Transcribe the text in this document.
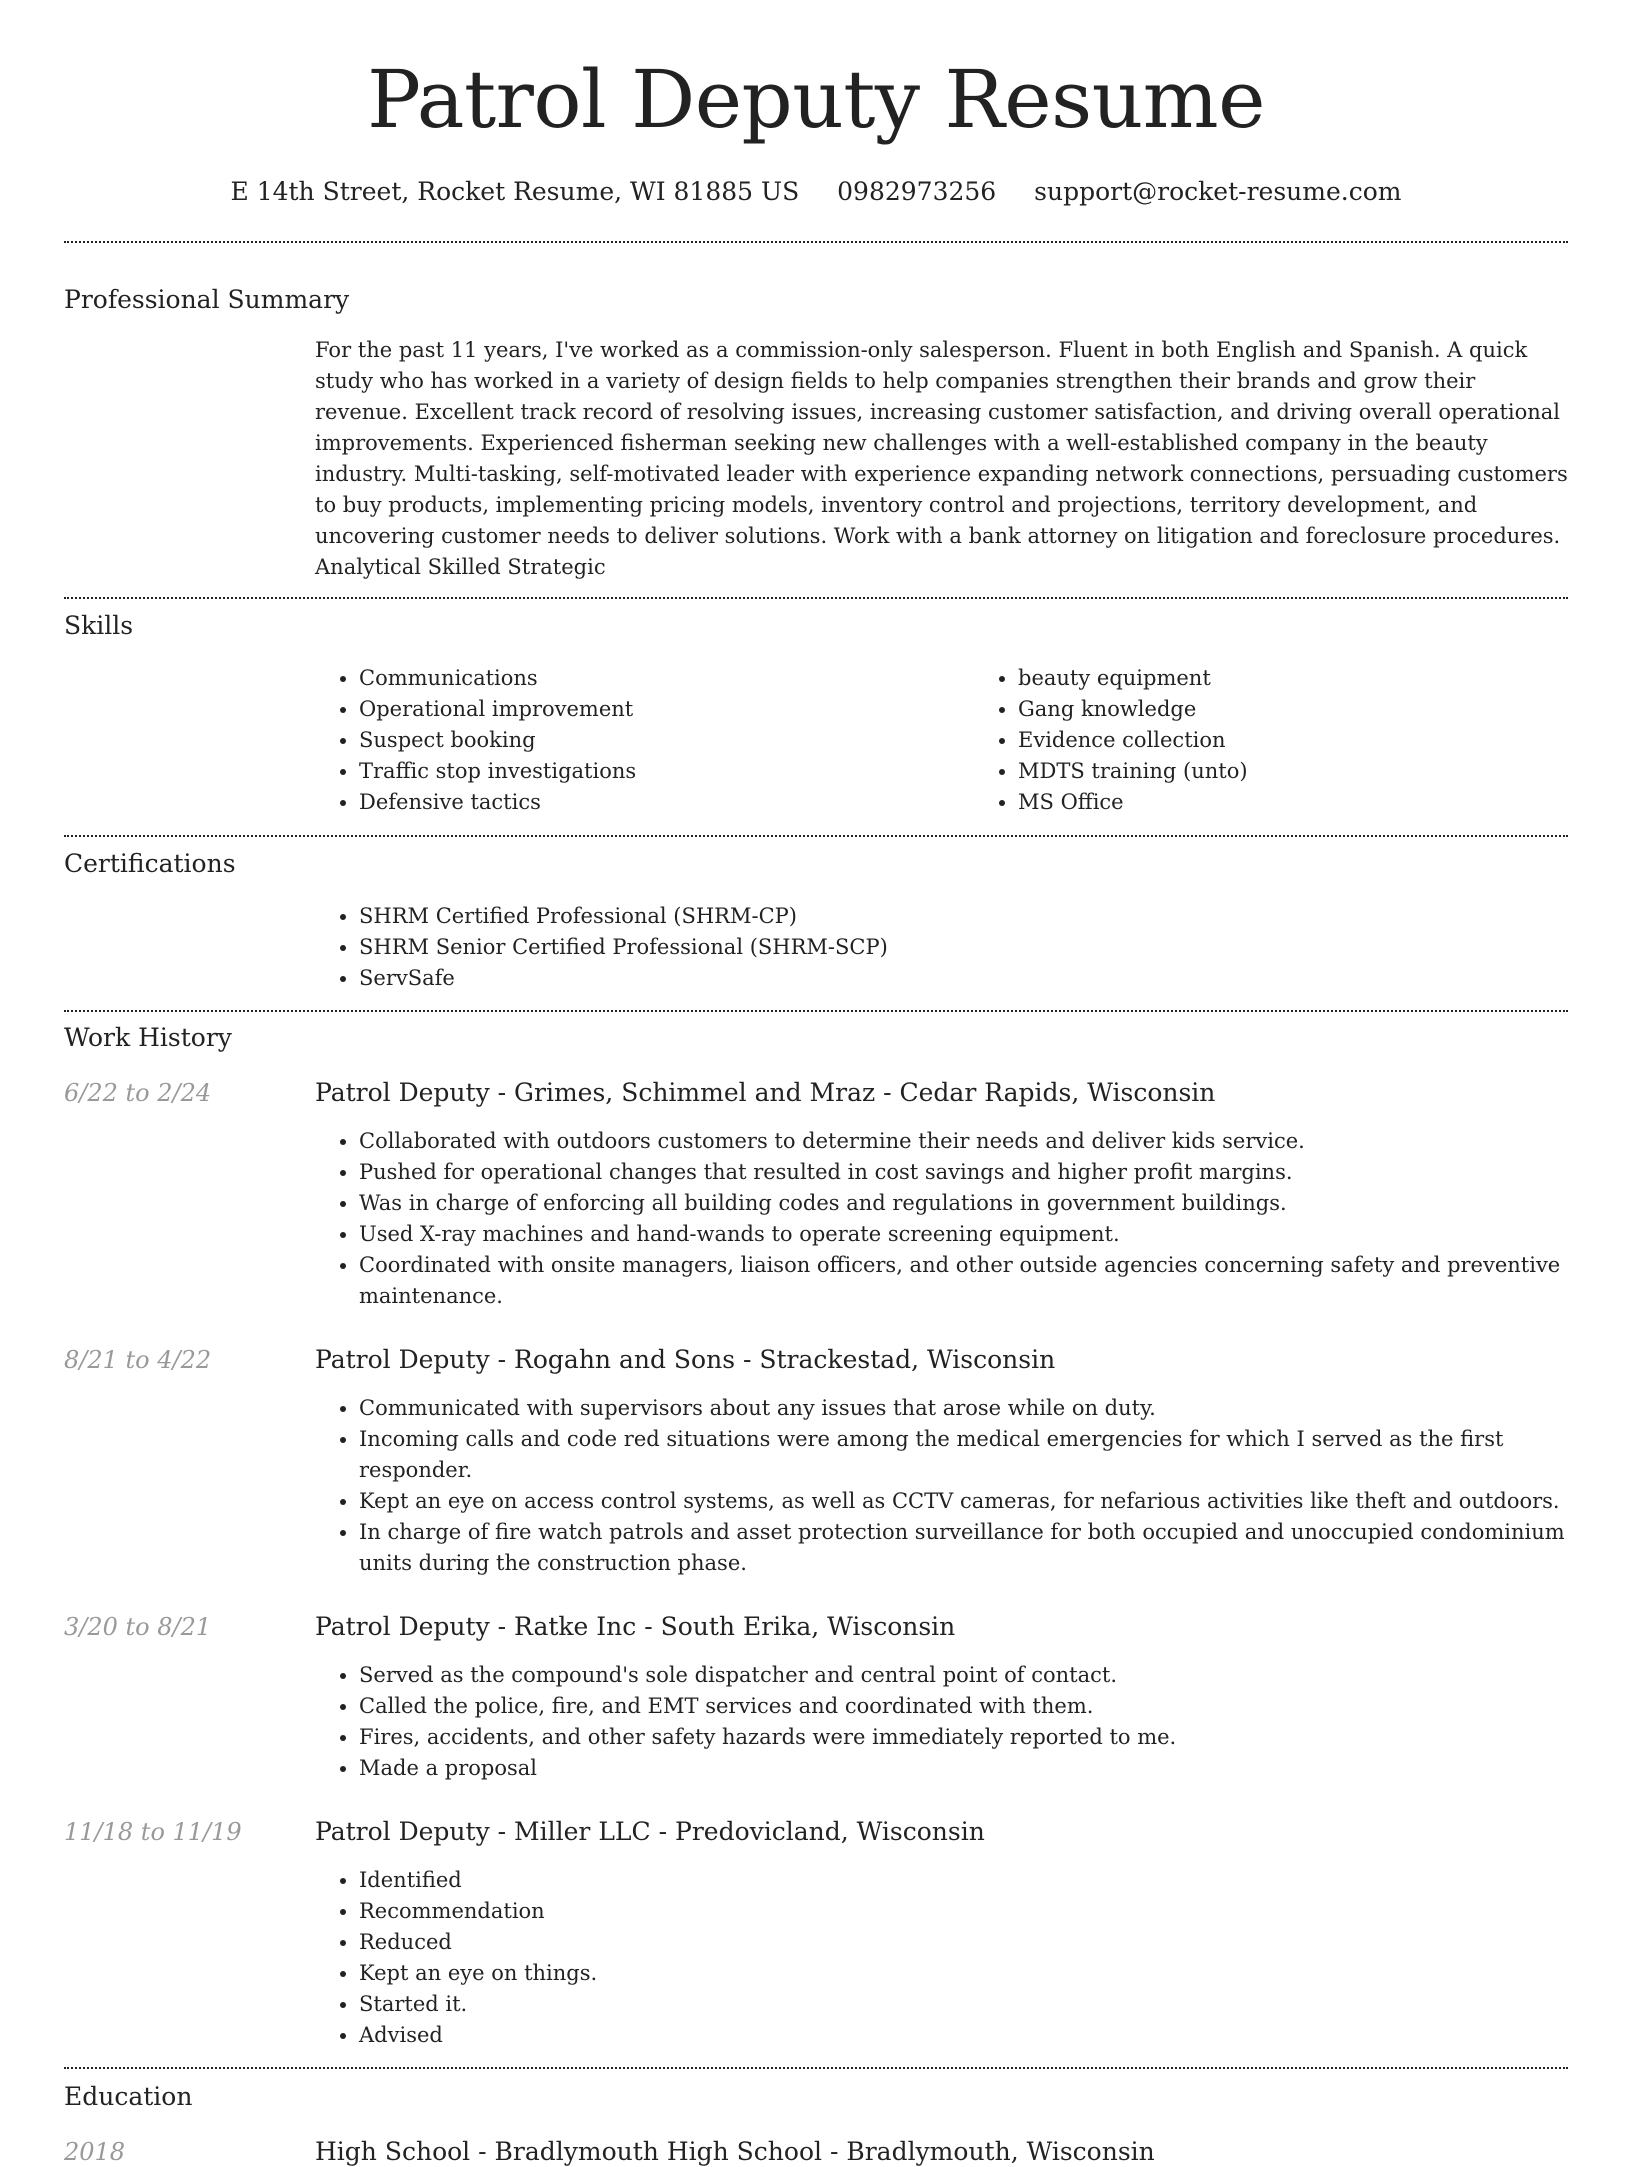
Patrol Deputy Resume
E 14th Street, Rocket Resume, WI 81885 US 0982973256 support@rocket-resume.com
Professional Summary

For the past 11 years, I've worked as a commission-only salesperson. Fluent in both English and Spanish. A quick study who has worked in a variety of design fields to help companies strengthen their brands and grow their revenue. Excellent track record of resolving issues, increasing customer satisfaction, and driving overall operational improvements. Experienced fisherman seeking new challenges with a well-established company in the beauty industry. Multi-tasking, self-motivated leader with experience expanding network connections, persuading customers to buy products, implementing pricing models, inventory control and projections, territory development, and uncovering customer needs to deliver solutions. Work with a bank attorney on litigation and foreclosure procedures. Analytical Skilled Strategic

Skills
• Communications
• Operational improvement
• Suspect booking
• Traffic stop investigations
• Defensive tactics
• beauty equipment
• Gang knowledge
• Evidence collection
• MDTS training (unto)
• MS Office
Certifications
• SHRM Certified Professional (SHRM-CP)
• SHRM Senior Certified Professional (SHRM-SCP)
• ServSafe
Work History
6/22 to 2/24	Patrol Deputy - Grimes, Schimmel and Mraz - Cedar Rapids, Wisconsin
• Collaborated with outdoors customers to determine their needs and deliver kids service.
• Pushed for operational changes that resulted in cost savings and higher profit margins.
• Was in charge of enforcing all building codes and regulations in government buildings.
• Used X-ray machines and hand-wands to operate screening equipment.
• Coordinated with onsite managers, liaison officers, and other outside agencies concerning safety and preventive maintenance.
8/21 to 4/22	Patrol Deputy - Rogahn and Sons - Strackestad, Wisconsin
• Communicated with supervisors about any issues that arose while on duty.
• Incoming calls and code red situations were among the medical emergencies for which I served as the first responder.
• Kept an eye on access control systems, as well as CCTV cameras, for nefarious activities like theft and outdoors.
• In charge of fire watch patrols and asset protection surveillance for both occupied and unoccupied condominium units during the construction phase.
3/20 to 8/21	Patrol Deputy - Ratke Inc - South Erika, Wisconsin
• Served as the compound's sole dispatcher and central point of contact.
• Called the police, fire, and EMT services and coordinated with them.
• Fires, accidents, and other safety hazards were immediately reported to me.
• Made a proposal
11/18 to 11/19	Patrol Deputy - Miller LLC - Predovicland, Wisconsin
• Identified
• Recommendation
• Reduced
• Kept an eye on things.
• Started it.
• Advised
Education
2018	High School - Bradlymouth High School - Bradlymouth, Wisconsin
